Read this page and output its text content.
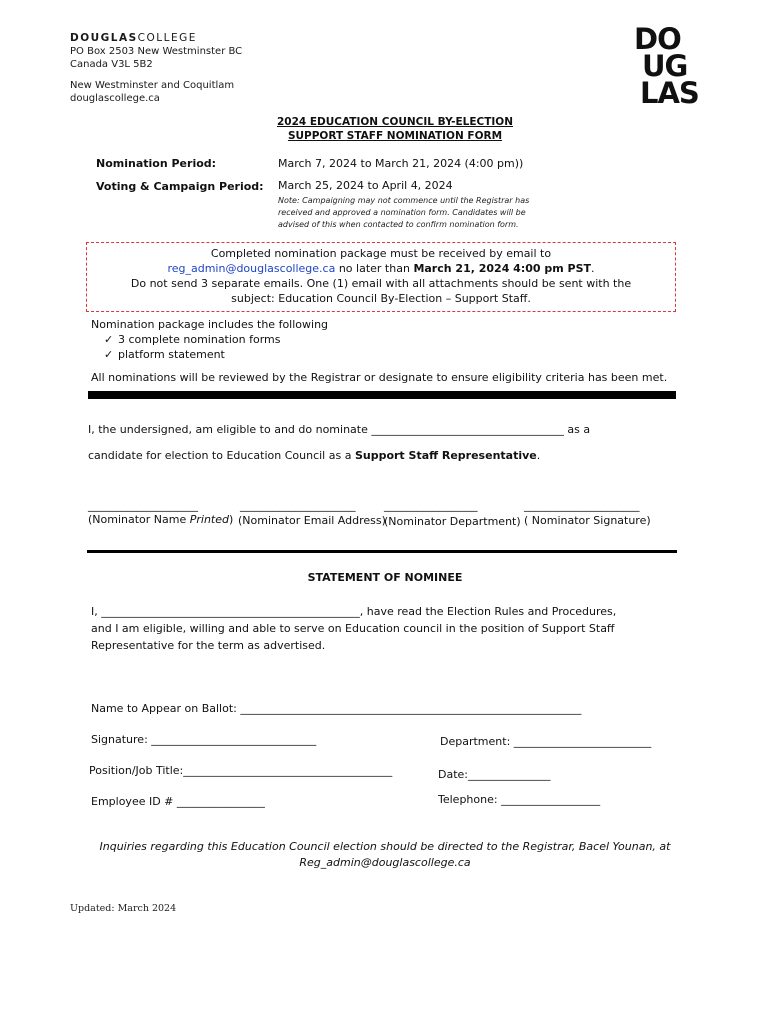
DOUGLASCOLLEGE
PO Box 2503 New Westminster BC
Canada V3L 5B2
New Westminster and Coquitlam
douglascollege.ca
DO
UG
LAS
2024 EDUCATION COUNCIL BY-ELECTION
SUPPORT STAFF NOMINATION FORM
Nomination Period:	March 7, 2024 to March 21, 2024 (4:00 pm))
Voting & Campaign Period: March 25, 2024 to April 4, 2024
Note: Campaigning may not commence until the Registrar has received and approved a nomination form. Candidates will be advised of this when contacted to confirm nomination form.
Completed nomination package must be received by email to
reg_admin@douglascollege.ca no later than March 21, 2024 4:00 pm PST.
Do not send 3 separate emails. One (1) email with all attachments should be sent with the
subject: Education Council By-Election – Support Staff.
Nomination package includes the following
✓ 3 complete nomination forms
✓ platform statement
All nominations will be reviewed by the Registrar or designate to ensure eligibility criteria has been met.
I, the undersigned, am eligible to and do nominate ___________________________________ as a
candidate for election to Education Council as a Support Staff Representative.
____________________	_____________________	_________________	_____________________
(Nominator Name Printed) (Nominator Email Address)
(Nominator Department) ( Nominator Signature)
STATEMENT OF NOMINEE
I, _______________________________________________, have read the Election Rules and Procedures,
and I am eligible, willing and able to serve on Education council in the position of Support Staff
Representative for the term as advertised.
Name to Appear on Ballot: ______________________________________________________________
Signature: ______________________________	Department: _________________________
Position/Job Title:______________________________________	Date:_______________
Employee ID # ________________	Telephone: __________________
Inquiries regarding this Education Council election should be directed to the Registrar, Bacel Younan, at
Reg_admin@douglascollege.ca
Updated: March 2024
